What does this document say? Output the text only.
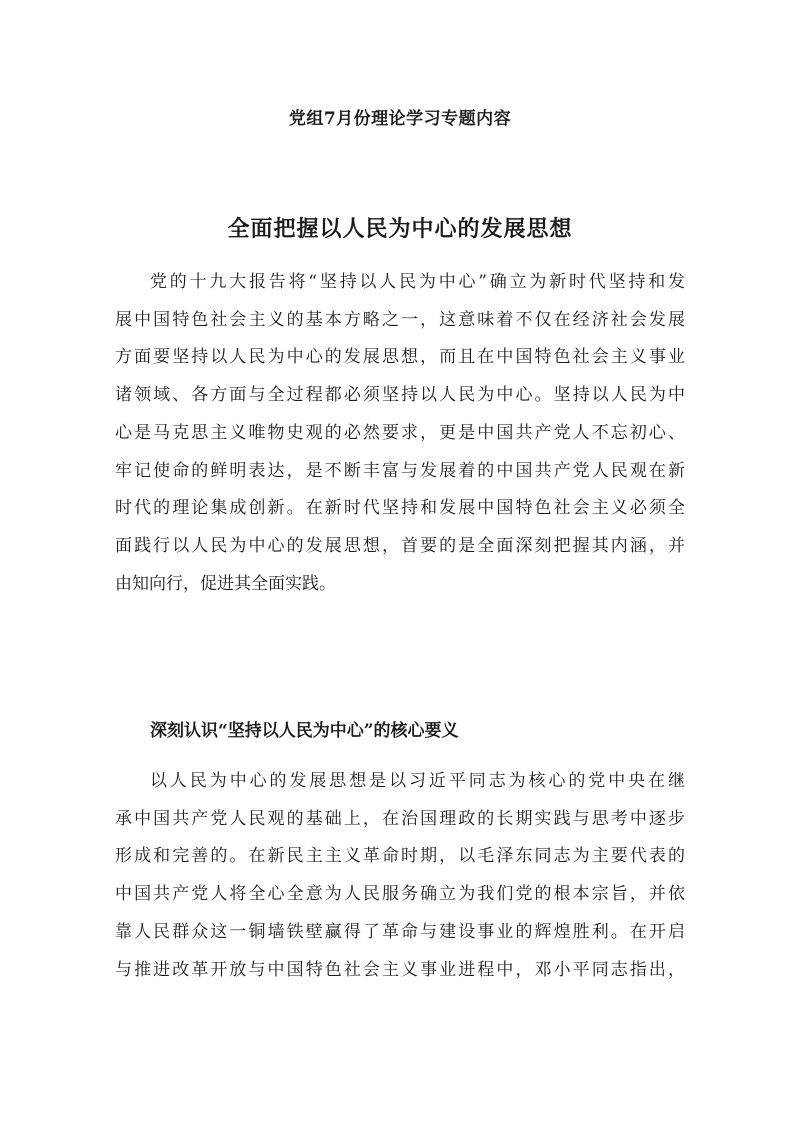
党组7月份理论学习专题内容
全面把握以人民为中心的发展思想
党的十九大报告将“坚持以人民为中心”确立为新时代坚持和发
展中国特色社会主义的基本方略之一，这意味着不仅在经济社会发展
方面要坚持以人民为中心的发展思想，而且在中国特色社会主义事业
诸领域、各方面与全过程都必须坚持以人民为中心。坚持以人民为中
心是马克思主义唯物史观的必然要求，更是中国共产党人不忘初心、
牢记使命的鲜明表达，是不断丰富与发展着的中国共产党人民观在新
时代的理论集成创新。在新时代坚持和发展中国特色社会主义必须全
面践行以人民为中心的发展思想，首要的是全面深刻把握其内涵，并
由知向行，促进其全面实践。
深刻认识“坚持以人民为中心”的核心要义
以人民为中心的发展思想是以习近平同志为核心的党中央在继
承中国共产党人民观的基础上，在治国理政的长期实践与思考中逐步
形成和完善的。在新民主主义革命时期，以毛泽东同志为主要代表的
中国共产党人将全心全意为人民服务确立为我们党的根本宗旨，并依
靠人民群众这一铜墙铁壁赢得了革命与建设事业的辉煌胜利。在开启
与推进改革开放与中国特色社会主义事业进程中，邓小平同志指出，
